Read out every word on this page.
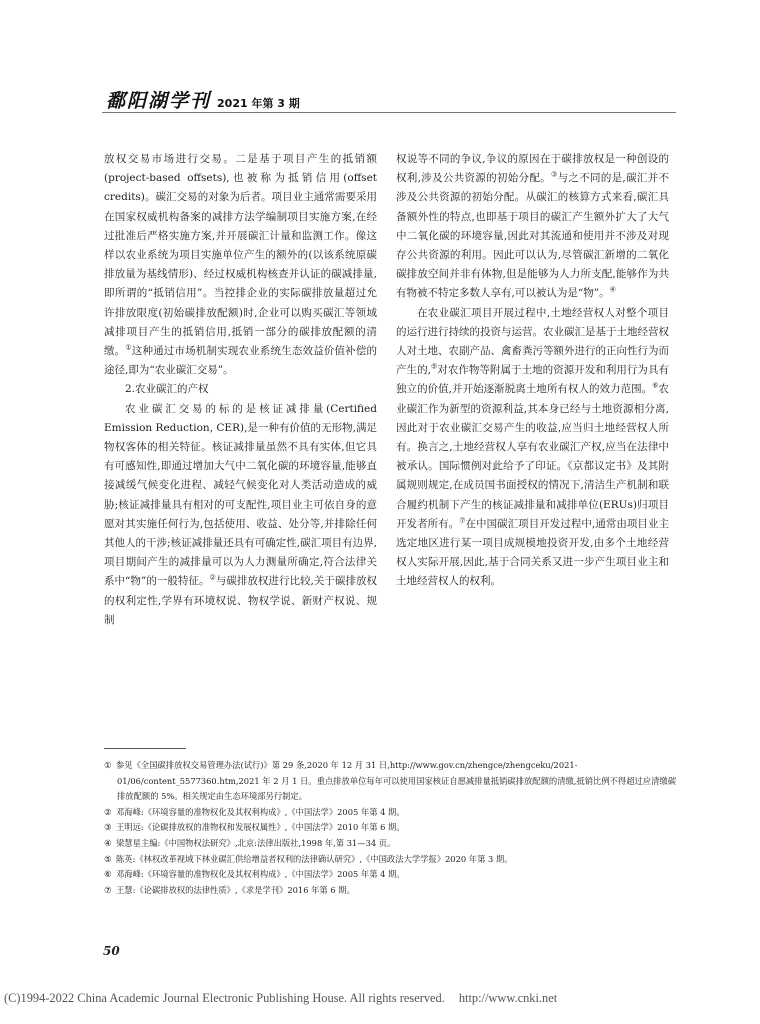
鄱阳湖学刊 2021 年第 3 期

放权交易市场进行交易。二是基于项目产生的抵销额(project-based offsets),也被称为抵销信用(offset credits)。碳汇交易的对象为后者。项目业主通常需要采用在国家权威机构备案的减排方法学编制项目实施方案,在经过批准后严格实施方案,并开展碳汇计量和监测工作。像这样以农业系统为项目实施单位产生的额外的(以该系统原碳排放量为基线情形)、经过权威机构核查并认证的碳减排量,即所谓的“抵销信用”。当控排企业的实际碳排放量超过允许排放限度(初始碳排放配额)时,企业可以购买碳汇等领域减排项目产生的抵销信用,抵销一部分的碳排放配额的清缴。①这种通过市场机制实现农业系统生态效益价值补偿的途径,即为“农业碳汇交易”。

2.农业碳汇的产权

农业碳汇交易的标的是核证减排量(Certified Emission Reduction, CER),是一种有价值的无形物,满足物权客体的相关特征。核证减排量虽然不具有实体,但它具有可感知性,即通过增加大气中二氧化碳的环境容量,能够直接减缓气候变化进程、减轻气候变化对人类活动造成的威胁;核证减排量具有相对的可支配性,项目业主可依自身的意愿对其实施任何行为,包括使用、收益、处分等,并排除任何其他人的干涉;核证减排量还具有可确定性,碳汇项目有边界,项目期间产生的减排量可以为人力测量所确定,符合法律关系中“物”的一般特征。②与碳排放权进行比较,关于碳排放权的权利定性,学界有环境权说、物权学说、新财产权说、规制

权说等不同的争议,争议的原因在于碳排放权是一种创设的权利,涉及公共资源的初始分配。③与之不同的是,碳汇并不涉及公共资源的初始分配。从碳汇的核算方式来看,碳汇具备额外性的特点,也即基于项目的碳汇产生额外扩大了大气中二氧化碳的环境容量,因此对其流通和使用并不涉及对现存公共资源的利用。因此可以认为,尽管碳汇新增的二氧化碳排放空间并非有体物,但是能够为人力所支配,能够作为共有物被不特定多数人享有,可以被认为是“物”。④

在农业碳汇项目开展过程中,土地经营权人对整个项目的运行进行持续的投资与运营。农业碳汇是基于土地经营权人对土地、农副产品、禽畜粪污等额外进行的正向性行为而产生的,⑤对农作物等附属于土地的资源开发和利用行为具有独立的价值,并开始逐渐脱离土地所有权人的效力范围。⑥农业碳汇作为新型的资源利益,其本身已经与土地资源相分离,因此对于农业碳汇交易产生的收益,应当归土地经营权人所有。换言之,土地经营权人享有农业碳汇产权,应当在法律中被承认。国际惯例对此给予了印证。《京都议定书》及其附属规则规定,在成员国书面授权的情况下,清洁生产机制和联合履约机制下产生的核证减排量和减排单位(ERUs)归项目开发者所有。⑦在中国碳汇项目开发过程中,通常由项目业主选定地区进行某一项目成规模地投资开发,由多个土地经营权人实际开展,因此,基于合同关系又进一步产生项目业主和土地经营权人的权利。

① 参见《全国碳排放权交易管理办法(试行)》第 29 条,2020 年 12 月 31 日,http://www.gov.cn/zhengce/zhengceku/2021-01/06/content_5577360.htm,2021 年 2 月 1 日。重点排放单位每年可以使用国家核证自愿减排量抵销碳排放配额的清缴,抵销比例不得超过应清缴碳排放配额的 5%。相关规定由生态环境部另行制定。
② 邓海峰:《环境容量的准物权化及其权利构成》,《中国法学》2005 年第 4 期。
③ 王明远:《论碳排放权的准物权和发展权属性》,《中国法学》2010 年第 6 期。
④ 梁慧星主编:《中国物权法研究》,北京:法律出版社,1998 年,第 31—34 页。
⑤ 陈英:《林权改革视域下林业碳汇供给增益者权利的法律确认研究》,《中国政法大学学报》2020 年第 3 期。
⑥ 邓海峰:《环境容量的准物权化及其权利构成》,《中国法学》2005 年第 4 期。
⑦ 王慧:《论碳排放权的法律性质》,《求是学刊》2016 年第 6 期。
50
(C)1994-2022 China Academic Journal Electronic Publishing House. All rights reserved. http://www.cnki.net
